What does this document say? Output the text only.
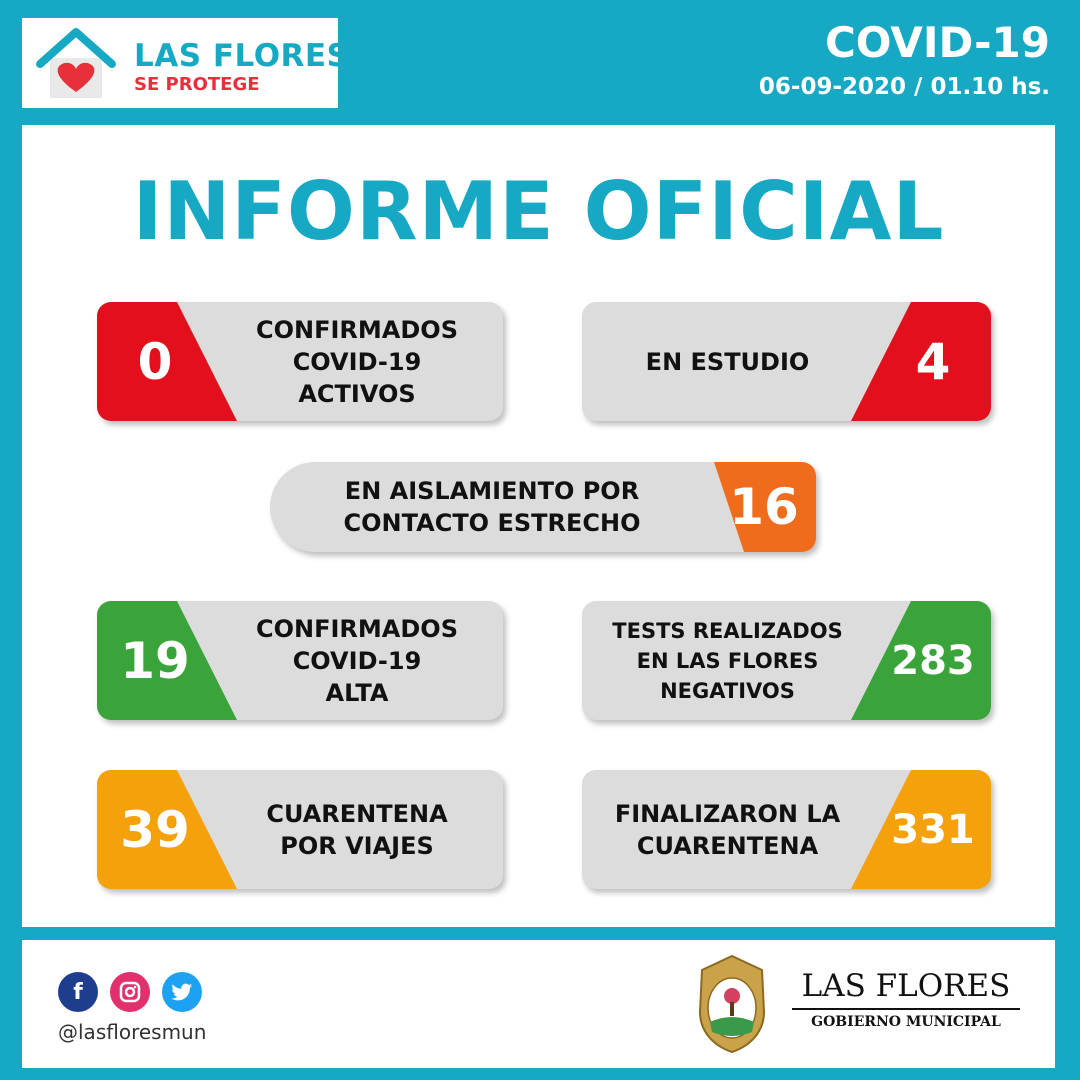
LAS FLORES
SE PROTEGE
COVID-19
06-09-2020 / 01.10 hs.
INFORME OFICIAL
0
CONFIRMADOS
COVID-19
ACTIVOS
4
EN ESTUDIO
16
EN AISLAMIENTO POR
CONTACTO ESTRECHO
19
CONFIRMADOS
COVID-19
ALTA
283
TESTS REALIZADOS
EN LAS FLORES
NEGATIVOS
39	CUARENTENA
POR VIAJES	331
FINALIZARON LA
CUARENTENA
f
@lasfloresmun
LAS FLORES
GOBIERNO MUNICIPAL
